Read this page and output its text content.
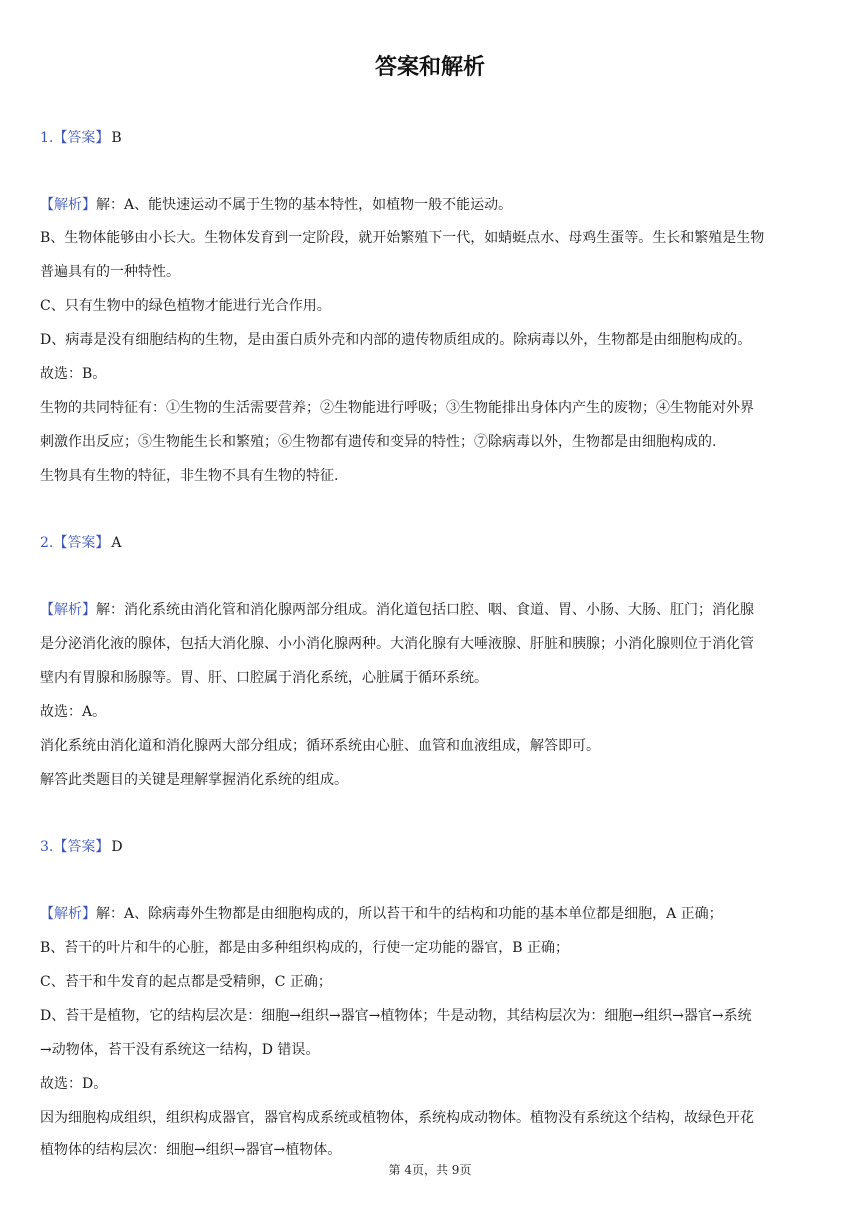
答案和解析
1.【答案】 B
【解析】解：A、能快速运动不属于生物的基本特性，如植物一般不能运动。
B、生物体能够由小长大。生物体发育到一定阶段，就开始繁殖下一代，如蜻蜓点水、母鸡生蛋等。生长和繁殖是生物
普遍具有的一种特性。
C、只有生物中的绿色植物才能进行光合作用。
D、病毒是没有细胞结构的生物，是由蛋白质外壳和内部的遗传物质组成的。除病毒以外，生物都是由细胞构成的。
故选：B。
生物的共同特征有：①生物的生活需要营养；②生物能进行呼吸；③生物能排出身体内产生的废物；④生物能对外界
刺激作出反应；⑤生物能生长和繁殖；⑥生物都有遗传和变异的特性；⑦除病毒以外，生物都是由细胞构成的.
生物具有生物的特征，非生物不具有生物的特征.
2.【答案】 A
【解析】解：消化系统由消化管和消化腺两部分组成。消化道包括口腔、咽、食道、胃、小肠、大肠、肛门；消化腺
是分泌消化液的腺体，包括大消化腺、小小消化腺两种。大消化腺有大唾液腺、肝脏和胰腺；小消化腺则位于消化管
壁内有胃腺和肠腺等。胃、肝、口腔属于消化系统，心脏属于循环系统。
故选：A。
消化系统由消化道和消化腺两大部分组成；循环系统由心脏、血管和血液组成，解答即可。
解答此类题目的关键是理解掌握消化系统的组成。
3.【答案】 D
【解析】解：A、除病毒外生物都是由细胞构成的，所以苔干和牛的结构和功能的基本单位都是细胞，A 正确；
B、苔干的叶片和牛的心脏，都是由多种组织构成的，行使一定功能的器官，B 正确；
C、苔干和牛发育的起点都是受精卵，C 正确；
D、苔干是植物，它的结构层次是：细胞→组织→器官→植物体；牛是动物，其结构层次为：细胞→组织→器官→系统
→动物体，苔干没有系统这一结构，D 错误。
故选：D。
因为细胞构成组织，组织构成器官，器官构成系统或植物体，系统构成动物体。植物没有系统这个结构，故绿色开花
植物体的结构层次：细胞→组织→器官→植物体。
第 4页，共 9页
